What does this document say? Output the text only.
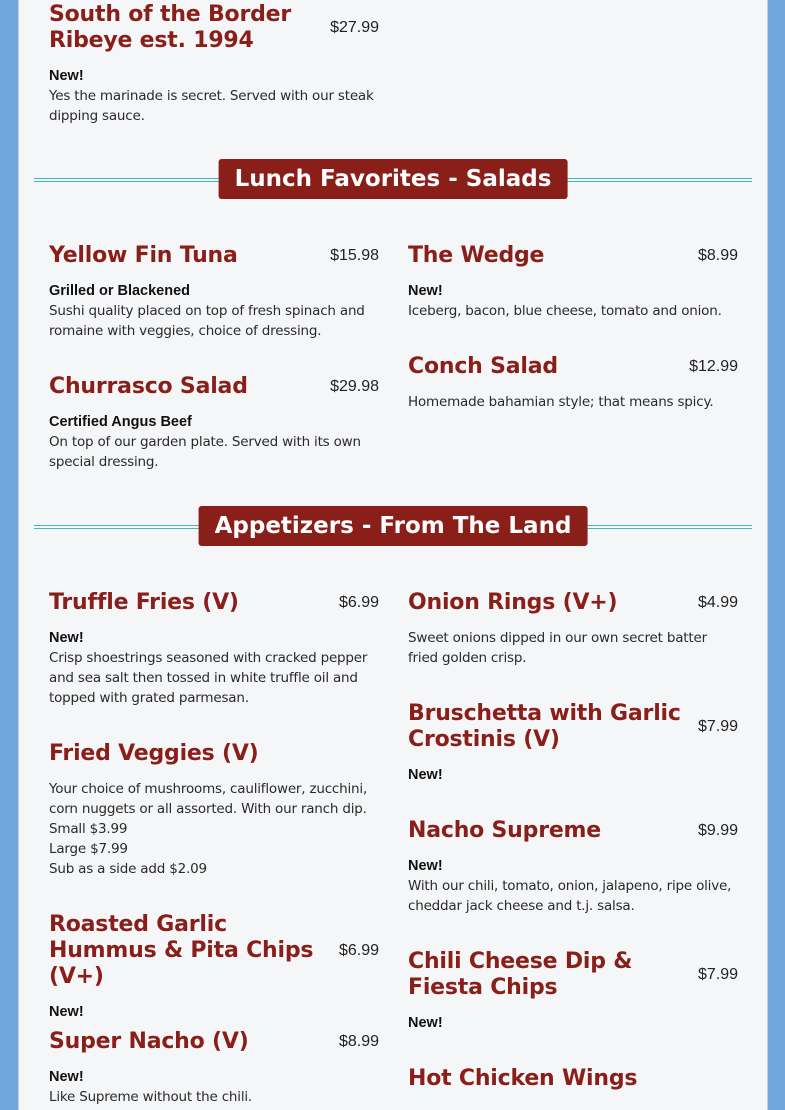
South of the Border Ribeye est. 1994
$27.99
New!
Yes the marinade is secret. Served with our steak dipping sauce.
Lunch Favorites - Salads
Yellow Fin Tuna	$15.98
Grilled or Blackened
Sushi quality placed on top of fresh spinach and romaine with veggies, choice of dressing.
The Wedge	$8.99
New!
Iceberg, bacon, blue cheese, tomato and onion.
Churrasco Salad	$29.98
Certified Angus Beef
On top of our garden plate. Served with its own special dressing.
Conch Salad	$12.99
Homemade bahamian style; that means spicy.
Appetizers - From The Land
Truffle Fries (V)	$6.99
New!
Crisp shoestrings seasoned with cracked pepper and sea salt then tossed in white truffle oil and topped with grated parmesan.
Fried Veggies (V)
Your choice of mushrooms, cauliflower, zucchini, corn nuggets or all assorted. With our ranch dip.
Small $3.99
Large $7.99
Sub as a side add $2.09
Roasted Garlic Hummus & Pita Chips (V+)
$6.99
New!
Super Nacho (V)	$8.99
New!
Like Supreme without the chili.
Onion Rings (V+)	$4.99
Sweet onions dipped in our own secret batter fried golden crisp.
Bruschetta with Garlic Crostinis (V)
$7.99
New!
Nacho Supreme	$9.99
New!
With our chili, tomato, onion, jalapeno, ripe olive, cheddar jack cheese and t.j. salsa.
Chili Cheese Dip & Fiesta Chips
$7.99
New!
Hot Chicken Wings
